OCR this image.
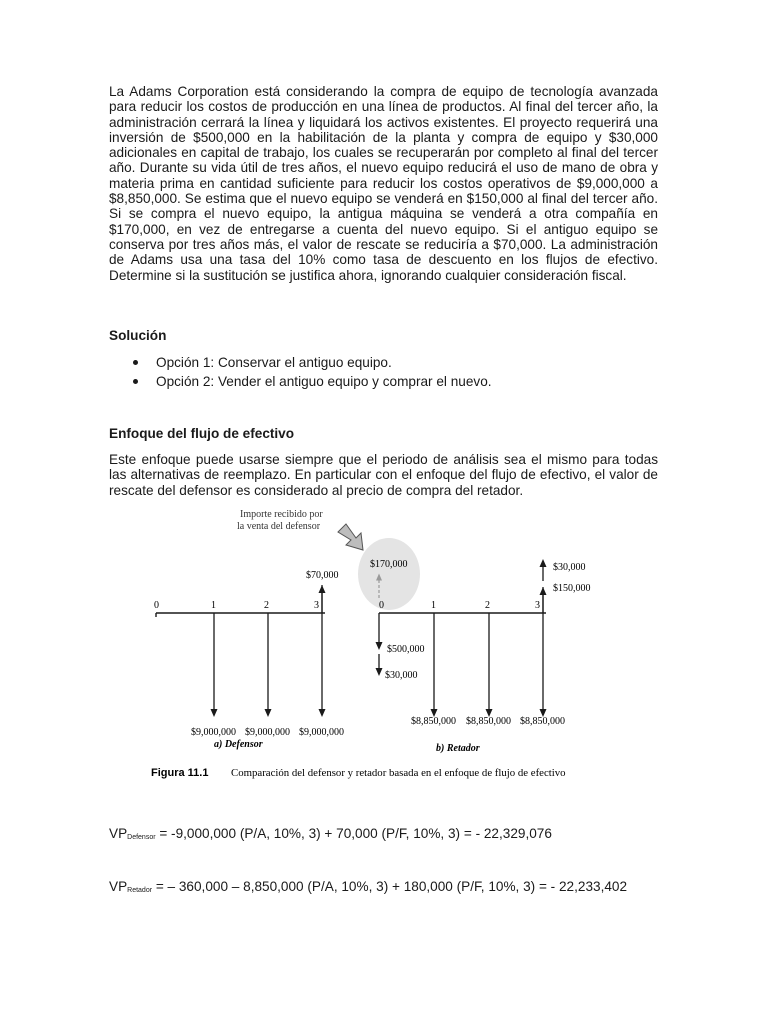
La Adams Corporation está considerando la compra de equipo de tecnología avanzada para reducir los costos de producción en una línea de productos. Al final del tercer año, la administración cerrará la línea y liquidará los activos existentes. El proyecto requerirá una inversión de $500,000 en la habilitación de la planta y compra de equipo y $30,000 adicionales en capital de trabajo, los cuales se recuperarán por completo al final del tercer año. Durante su vida útil de tres años, el nuevo equipo reducirá el uso de mano de obra y materia prima en cantidad suficiente para reducir los costos operativos de $9,000,000 a $8,850,000. Se estima que el nuevo equipo se venderá en $150,000 al final del tercer año. Si se compra el nuevo equipo, la antigua máquina se venderá a otra compañía en $170,000, en vez de entregarse a cuenta del nuevo equipo. Si el antiguo equipo se conserva por tres años más, el valor de rescate se reduciría a $70,000. La administración de Adams usa una tasa del 10% como tasa de descuento en los flujos de efectivo. Determine si la sustitución se justifica ahora, ignorando cualquier consideración fiscal.

Solución
Opción 1: Conservar el antiguo equipo.
Opción 2: Vender el antiguo equipo y comprar el nuevo.
Enfoque del flujo de efectivo

Este enfoque puede usarse siempre que el periodo de análisis sea el mismo para todas las alternativas de reemplazo. En particular con el enfoque del flujo de efectivo, el valor de rescate del defensor es considerado al precio de compra del retador.

Importe recibido por
la venta del defensor
0	1	2	3
$70,000
$9,000,000 $9,000,000 $9,000,000
a) Defensor
0	1	2	3
$170,000
$500,000
$30,000
$30,000
$150,000
$8,850,000 $8,850,000 $8,850,000
b) Retador
Figura 11.1 Comparación del defensor y retador basada en el enfoque de flujo de efectivo
$VP_{Defensor} = -9,000,000$ (P/A, 10%, 3) + 70,000 (P/F, 10%, 3) = - 22,329,076
$VP_{Retador}$ = – 360,000 – 8,850,000 (P/A, 10%, 3) + 180,000 (P/F, 10%, 3) = - 22,233,402
